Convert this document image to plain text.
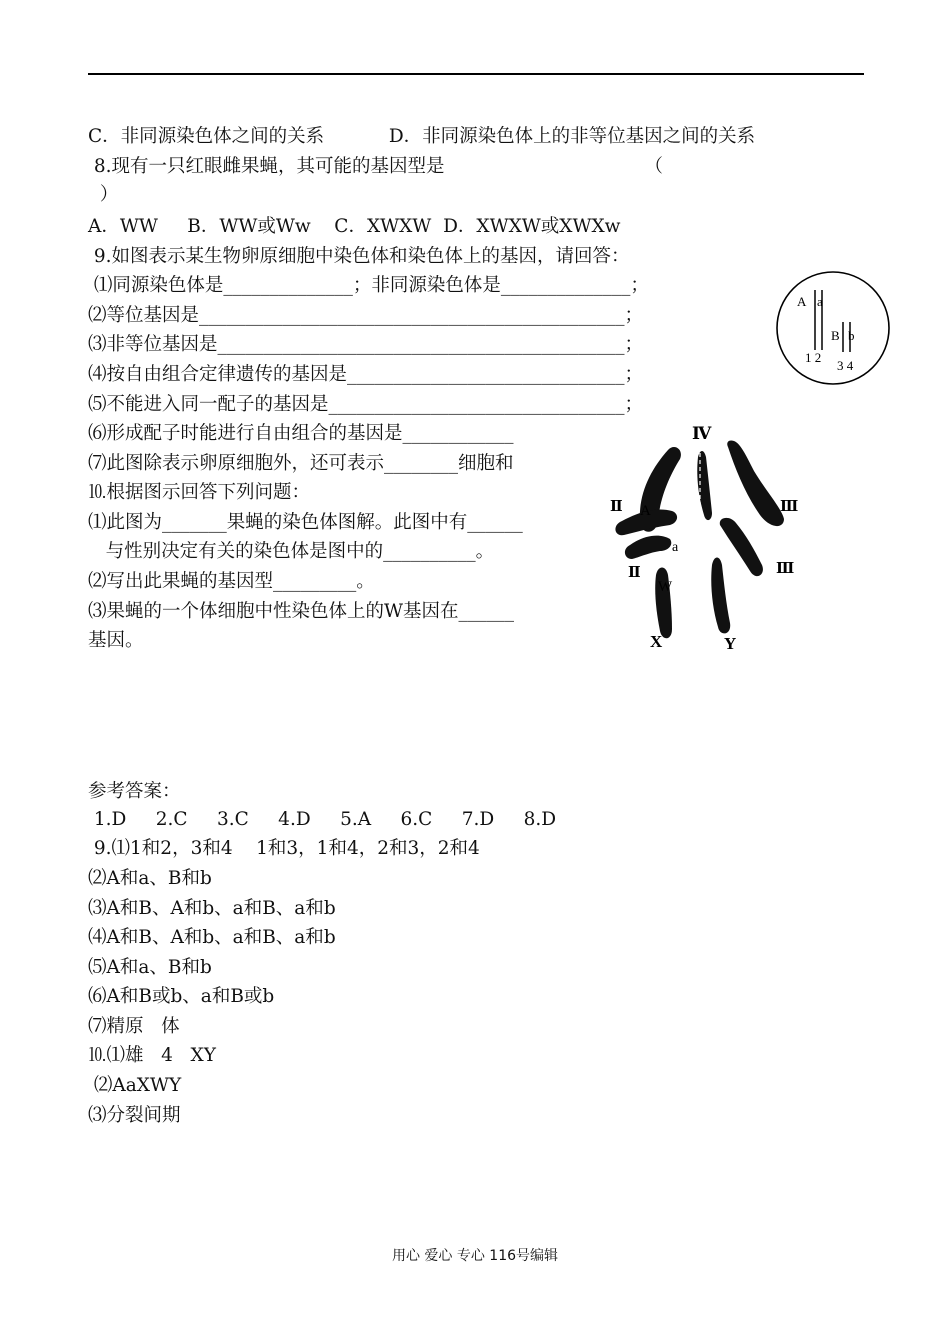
C．非同源染色体之间的关系           D．非同源染色体上的非等位基因之间的关系
8.现有一只红眼雌果蝇，其可能的基因型是                                  （
）
A．WW     B．WW或Ww    C．XWXW  D．XWXW或XWXw
9.如图表示某生物卵原细胞中染色体和染色体上的基因，请回答：
⑴同源染色体是______________；非同源染色体是______________；
⑵等位基因是______________________________________________；
⑶非等位基因是____________________________________________；
⑷按自由组合定律遗传的基因是______________________________；
⑸不能进入同一配子的基因是________________________________；
⑹形成配子时能进行自由组合的基因是____________
⑺此图除表示卵原细胞外，还可表示________细胞和
⒑根据图示回答下列问题：
⑴此图为_______果蝇的染色体图解。此图中有______
与性别决定有关的染色体是图中的__________。
⑵写出此果蝇的基因型_________。
⑶果蝇的一个体细胞中性染色体上的W基因在______
基因。
参考答案：
1.D     2.C     3.C     4.D     5.A     6.C     7.D     8.D
9.⑴1和2，3和4    1和3，1和4，2和3，2和4
⑵A和a、B和b
⑶A和B、A和b、a和B、a和b
⑷A和B、A和b、a和B、a和b
⑸A和a、B和b
⑹A和B或b、a和B或b
⑺精原   体
⒑⑴雄   4   XY
⑵AaXWY
⑶分裂间期
A a
B b
1 2
3 4
Ⅳ
Ⅱ
Ⅱ
Ⅲ
Ⅲ
A
a
W
X	Y
用心 爱心 专心 116号编辑
